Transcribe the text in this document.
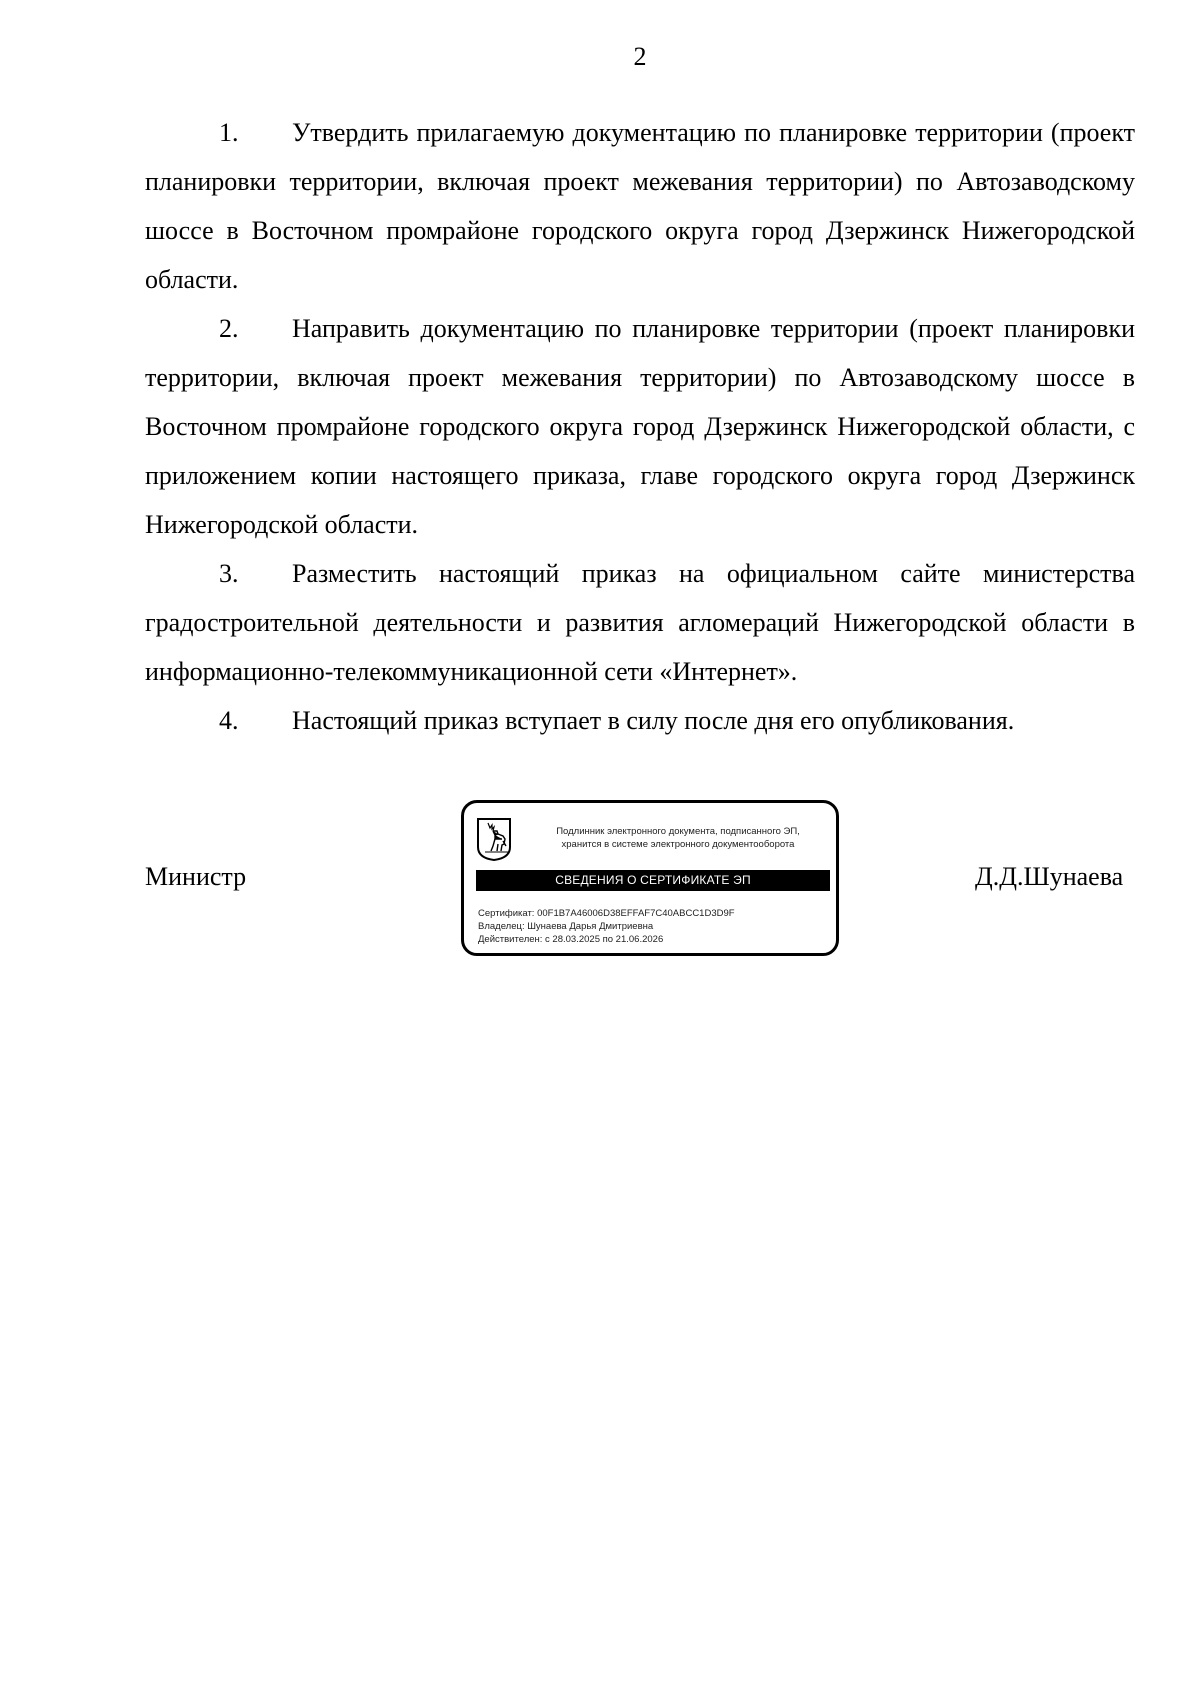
2

1. Утвердить прилагаемую документацию по планировке территории (проект планировки территории, включая проект межевания территории) по Автозаводскому шоссе в Восточном промрайоне городского округа город Дзержинск Нижегородской области.

2. Направить документацию по планировке территории (проект планировки территории, включая проект межевания территории) по Автозаводскому шоссе в Восточном промрайоне городского округа город Дзержинск Нижегородской области, с приложением копии настоящего приказа, главе городского округа город Дзержинск Нижегородской области.

3. Разместить настоящий приказ на официальном сайте министерства градостроительной деятельности и развития агломераций Нижегородской области в информационно-телекоммуникационной сети «Интернет».

4. Настоящий приказ вступает в силу после дня его опубликования.

Министр	Д.Д.Шунаева
Подлинник электронного документа, подписанного ЭП,
хранится в системе электронного документооборота
СВЕДЕНИЯ О СЕРТИФИКАТЕ ЭП
Сертификат: 00F1B7A46006D38EFFAF7C40ABCC1D3D9F
Владелец: Шунаева Дарья Дмитриевна
Действителен: с 28.03.2025 по 21.06.2026
